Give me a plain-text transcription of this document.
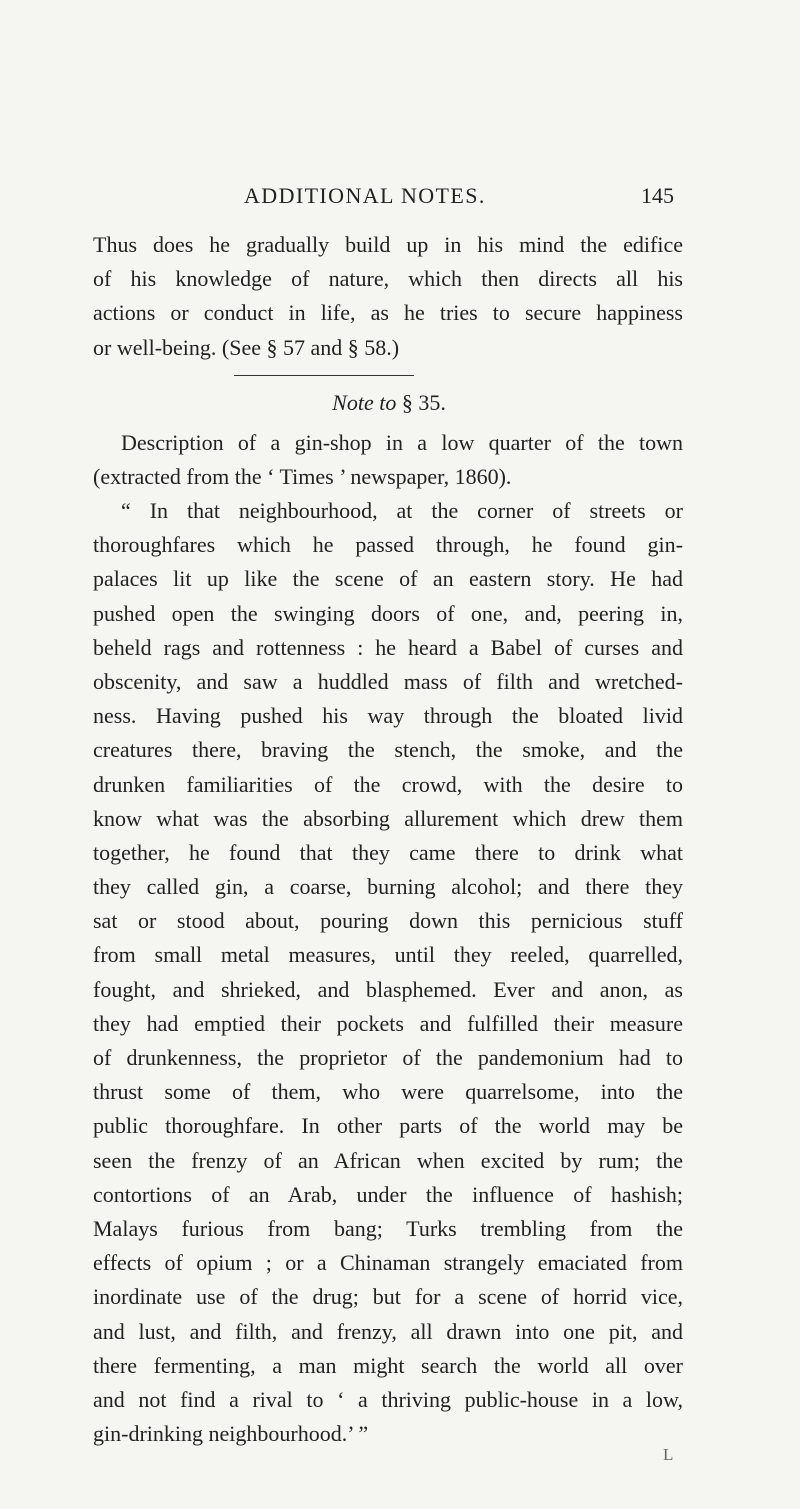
ADDITIONAL NOTES.	145
Thus does he gradually build up in his mind the edifice
of his knowledge of nature, which then directs all his
actions or conduct in life, as he tries to secure happiness
or well-being. (See § 57 and § 58.)
Note to § 35.
Description of a gin-shop in a low quarter of the town
(extracted from the ‘ Times ’ newspaper, 1860).
“ In that neighbourhood, at the corner of streets or
thoroughfares which he passed through, he found gin-
palaces lit up like the scene of an eastern story. He had
pushed open the swinging doors of one, and, peering in,
beheld rags and rottenness : he heard a Babel of curses and
obscenity, and saw a huddled mass of filth and wretched-
ness. Having pushed his way through the bloated livid
creatures there, braving the stench, the smoke, and the
drunken familiarities of the crowd, with the desire to
know what was the absorbing allurement which drew them
together, he found that they came there to drink what
they called gin, a coarse, burning alcohol; and there they
sat or stood about, pouring down this pernicious stuff
from small metal measures, until they reeled, quarrelled,
fought, and shrieked, and blasphemed. Ever and anon, as
they had emptied their pockets and fulfilled their measure
of drunkenness, the proprietor of the pandemonium had to
thrust some of them, who were quarrelsome, into the
public thoroughfare. In other parts of the world may be
seen the frenzy of an African when excited by rum; the
contortions of an Arab, under the influence of hashish;
Malays furious from bang; Turks trembling from the
effects of opium ; or a Chinaman strangely emaciated from
inordinate use of the drug; but for a scene of horrid vice,
and lust, and filth, and frenzy, all drawn into one pit, and
there fermenting, a man might search the world all over
and not find a rival to ‘ a thriving public-house in a low,
gin-drinking neighbourhood.’ ”
L
